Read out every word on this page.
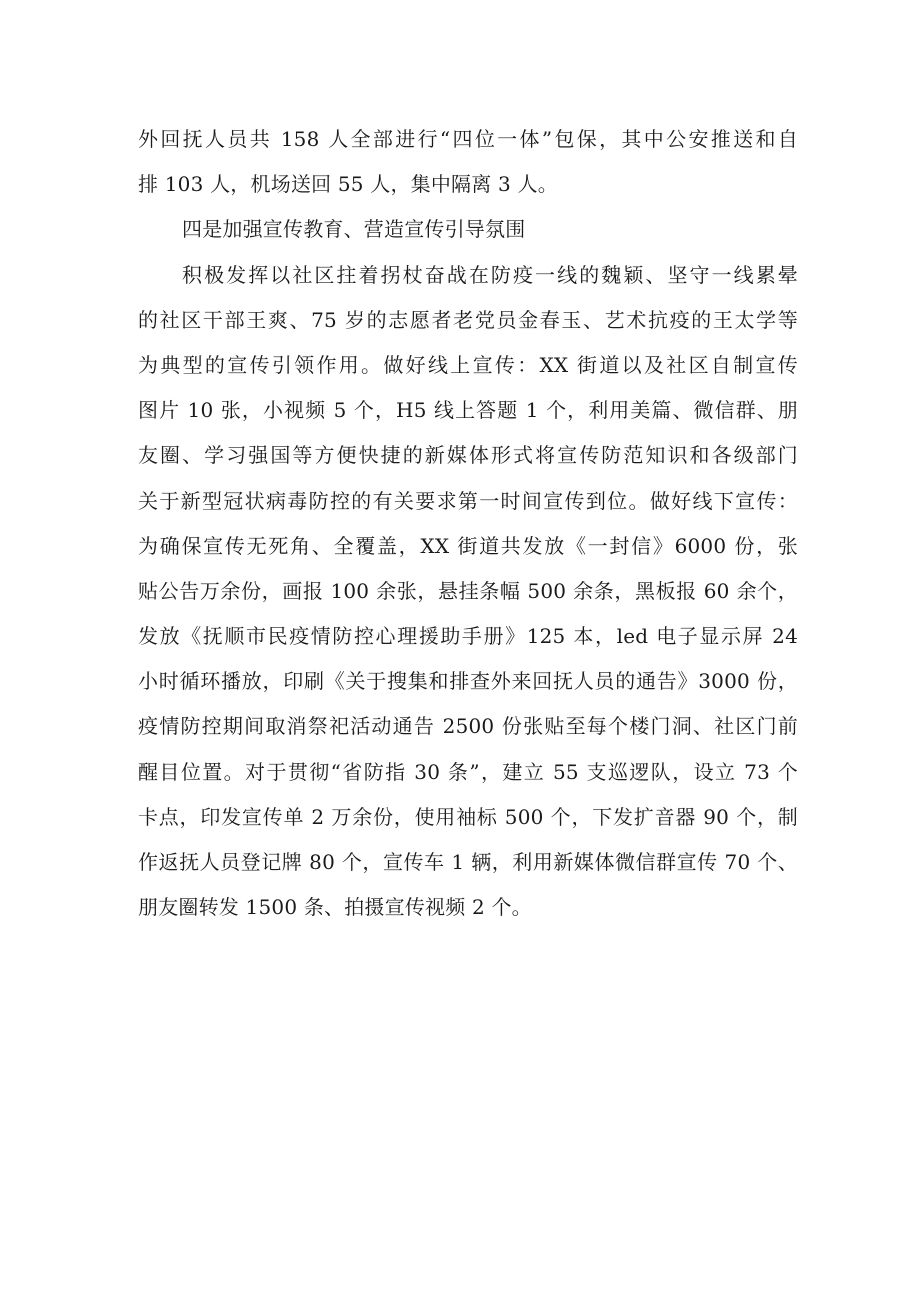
外回抚人员共 158 人全部进行“四位一体”包保，其中公安推送和自
排 103 人，机场送回 55 人，集中隔离 3 人。
四是加强宣传教育、营造宣传引导氛围
积极发挥以社区拄着拐杖奋战在防疫一线的魏颖、坚守一线累晕
的社区干部王爽、75 岁的志愿者老党员金春玉、艺术抗疫的王太学等
为典型的宣传引领作用。做好线上宣传：XX 街道以及社区自制宣传
图片 10 张，小视频 5 个，H5 线上答题 1 个，利用美篇、微信群、朋
友圈、学习强国等方便快捷的新媒体形式将宣传防范知识和各级部门
关于新型冠状病毒防控的有关要求第一时间宣传到位。做好线下宣传：
为确保宣传无死角、全覆盖，XX 街道共发放《一封信》6000 份，张
贴公告万余份，画报 100 余张，悬挂条幅 500 余条，黑板报 60 余个，
发放《抚顺市民疫情防控心理援助手册》125 本，led 电子显示屏 24
小时循环播放，印刷《关于搜集和排查外来回抚人员的通告》3000 份，
疫情防控期间取消祭祀活动通告 2500 份张贴至每个楼门洞、社区门前
醒目位置。对于贯彻“省防指 30 条”，建立 55 支巡逻队，设立 73 个
卡点，印发宣传单 2 万余份，使用袖标 500 个，下发扩音器 90 个，制
作返抚人员登记牌 80 个，宣传车 1 辆，利用新媒体微信群宣传 70 个、
朋友圈转发 1500 条、拍摄宣传视频 2 个。
